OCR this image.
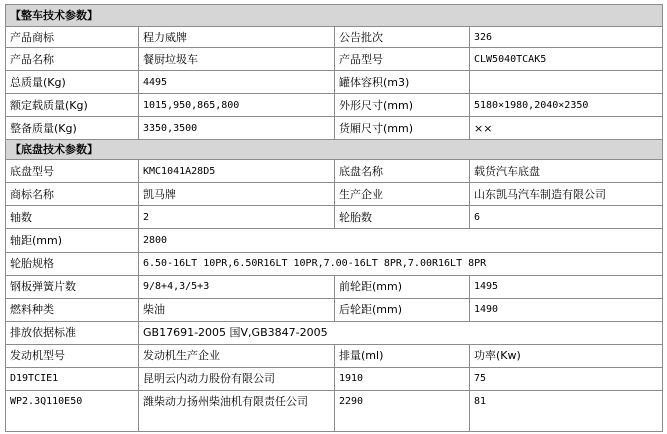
【整车技术参数】			
产品商标	程力威牌	公告批次	326
产品名称	餐厨垃圾车	产品型号	CLW5040TCAK5
总质量(Kg)	4495	罐体容积(m3)	
额定载质量(Kg)	1015,950,865,800	外形尺寸(mm)	5180×1980,2040×2350
整备质量(Kg)	3350,3500	货厢尺寸(mm)	××
【底盘技术参数】			
底盘型号	KMC1041A28D5	底盘名称	载货汽车底盘
商标名称	凯马牌	生产企业	山东凯马汽车制造有限公司
轴数	2	轮胎数	6
轴距(mm)	2800		
轮胎规格	6.50-16LT 10PR,6.50R16LT 10PR,7.00-16LT 8PR,7.00R16LT 8PR		
钢板弹簧片数	9/8+4,3/5+3	前轮距(mm)	1495
燃料种类	柴油	后轮距(mm)	1490
排放依据标准	GB17691-2005 国Ⅴ,GB3847-2005		
发动机型号	发动机生产企业	排量(ml)	功率(Kw)
D19TCIE1	昆明云内动力股份有限公司	1910	75
WP2.3Q110E50	潍柴动力扬州柴油机有限责任公司	2290	81
